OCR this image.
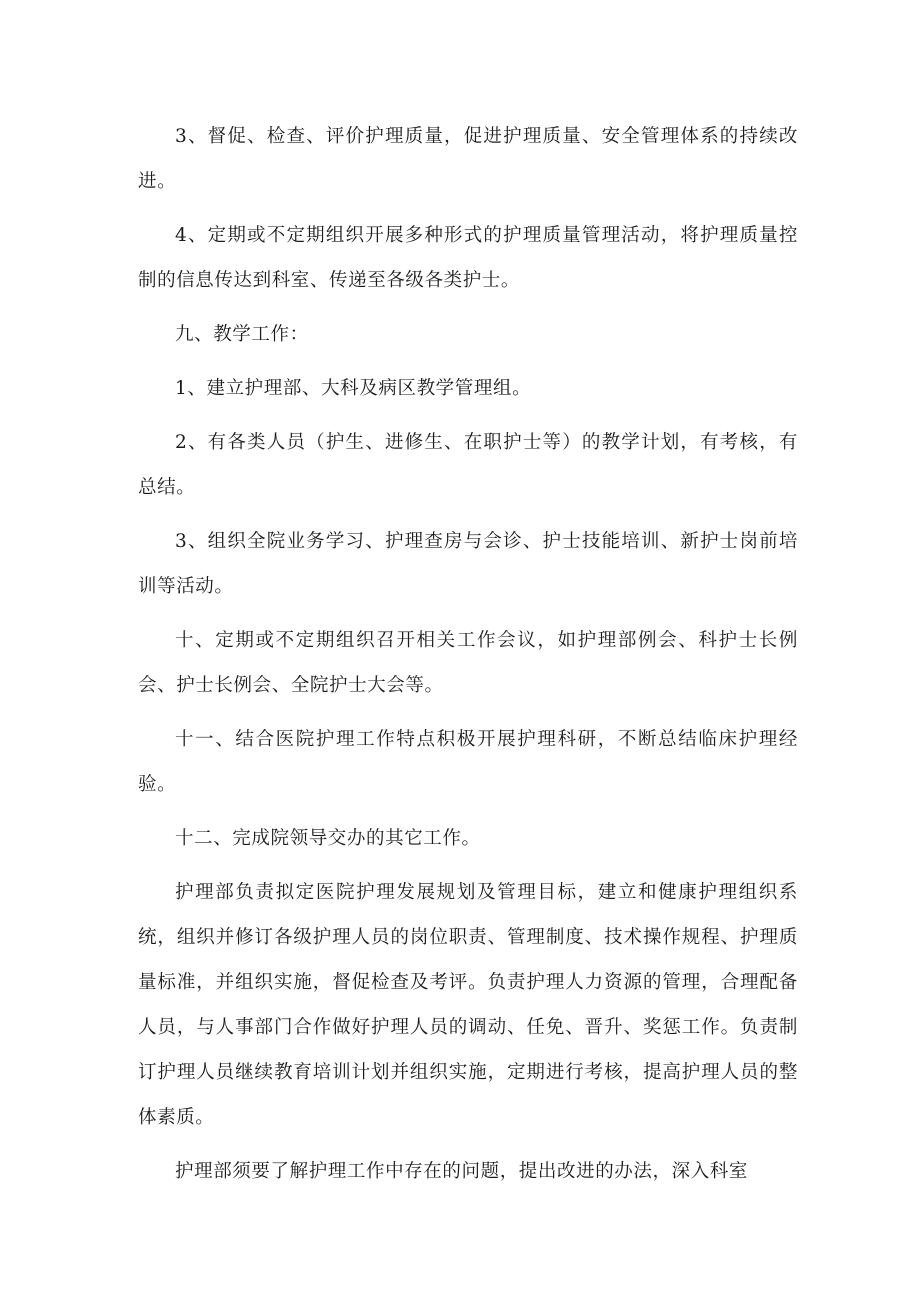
3、督促、检查、评价护理质量，促进护理质量、安全管理体系的持续改进。

4、定期或不定期组织开展多种形式的护理质量管理活动，将护理质量控制的信息传达到科室、传递至各级各类护士。

九、教学工作：

1、建立护理部、大科及病区教学管理组。

2、有各类人员（护生、进修生、在职护士等）的教学计划，有考核，有总结。

3、组织全院业务学习、护理查房与会诊、护士技能培训、新护士岗前培训等活动。

十、定期或不定期组织召开相关工作会议，如护理部例会、科护士长例会、护士长例会、全院护士大会等。

十一、结合医院护理工作特点积极开展护理科研，不断总结临床护理经验。

十二、完成院领导交办的其它工作。

护理部负责拟定医院护理发展规划及管理目标，建立和健康护理组织系统，组织并修订各级护理人员的岗位职责、管理制度、技术操作规程、护理质量标准，并组织实施，督促检查及考评。负责护理人力资源的管理，合理配备人员，与人事部门合作做好护理人员的调动、任免、晋升、奖惩工作。负责制订护理人员继续教育培训计划并组织实施，定期进行考核，提高护理人员的整体素质。

护理部须要了解护理工作中存在的问题，提出改进的办法，深入科室
